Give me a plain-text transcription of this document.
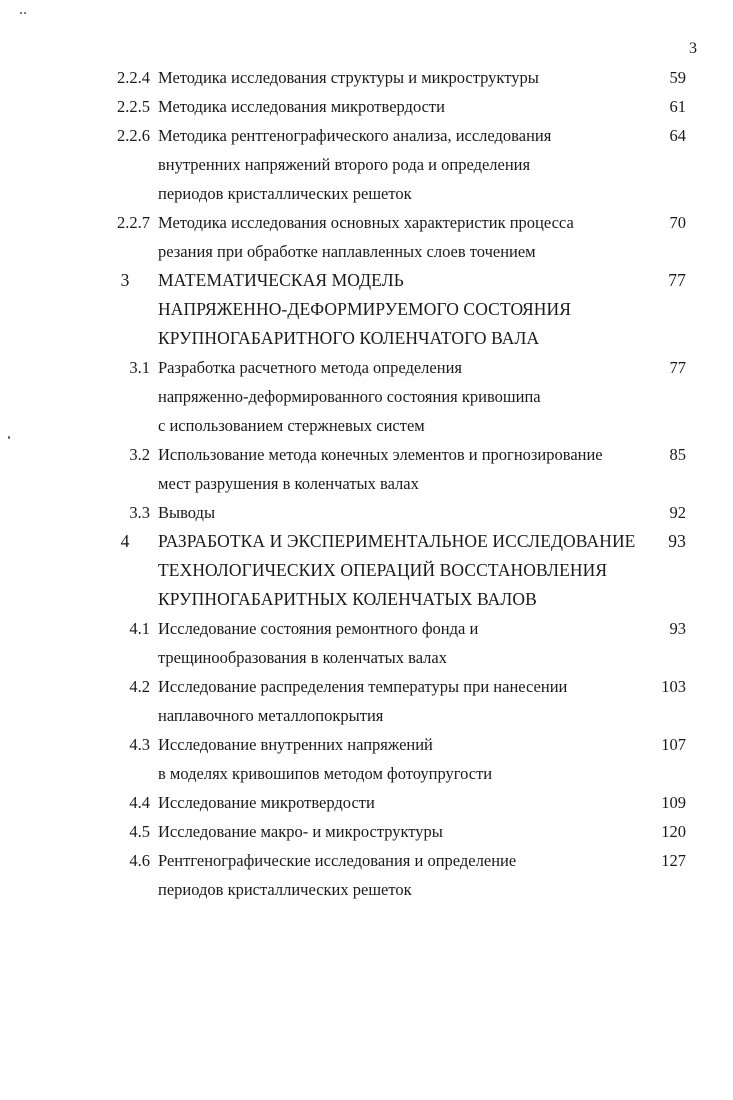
3
2.2.4 Методика исследования структуры и микроструктуры	59
2.2.5 Методика исследования микротвердости	61
2.2.6 Методика рентгенографического анализа, исследования	64
внутренних напряжений второго рода и определения
периодов кристаллических решеток
2.2.7 Методика исследования основных характеристик процесса	70
резания при обработке наплавленных слоев точением
3	МАТЕМАТИЧЕСКАЯ МОДЕЛЬ	77
НАПРЯЖЕННО-ДЕФОРМИРУЕМОГО СОСТОЯНИЯ
КРУПНОГАБАРИТНОГО КОЛЕНЧАТОГО ВАЛА
3.1 Разработка расчетного метода определения	77
напряженно-деформированного состояния кривошипа
с использованием стержневых систем
3.2 Использование метода конечных элементов и прогнозирование	85
мест разрушения в коленчатых валах
3.3 Выводы	92
4	РАЗРАБОТКА И ЭКСПЕРИМЕНТАЛЬНОЕ ИССЛЕДОВАНИЕ 93
ТЕХНОЛОГИЧЕСКИХ ОПЕРАЦИЙ ВОССТАНОВЛЕНИЯ
КРУПНОГАБАРИТНЫХ КОЛЕНЧАТЫХ ВАЛОВ
4.1 Исследование состояния ремонтного фонда и	93
трещинообразования в коленчатых валах
4.2 Исследование распределения температуры при нанесении	103
наплавочного металлопокрытия
4.3 Исследование внутренних напряжений	107
в моделях кривошипов методом фотоупругости
4.4 Исследование микротвердости	109
4.5 Исследование макро- и микроструктуры	120
4.6 Рентгенографические исследования и определение	127
периодов кристаллических решеток
